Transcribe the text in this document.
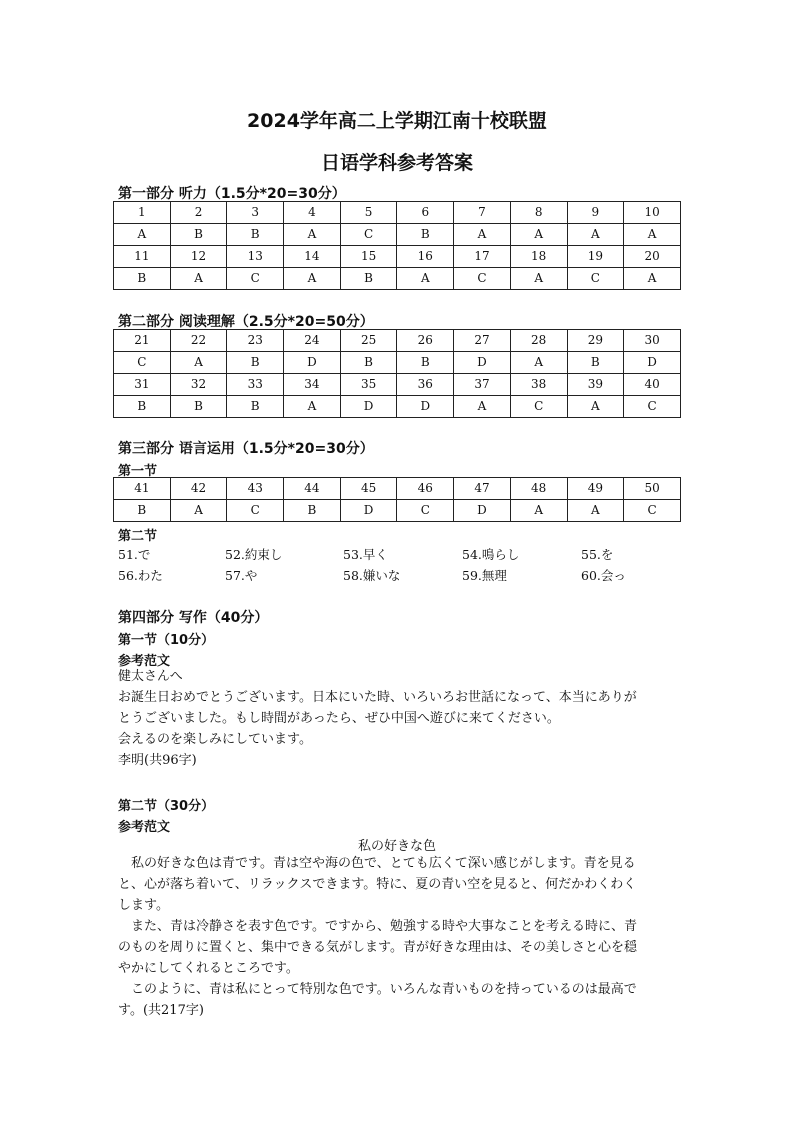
2024学年高二上学期江南十校联盟
日语学科参考答案
第一部分 听力（1.5分*20=30分）
1	2	3	4	5	6	7	8	9	10
A	B	B	A	C	B	A	A	A	A
11	12	13	14	15	16	17	18	19	20
B	A	C	A	B	A	C	A	C	A
第二部分 阅读理解（2.5分*20=50分）
21	22	23	24	25	26	27	28	29	30
C	A	B	D	B	B	D	A	B	D
31	32	33	34	35	36	37	38	39	40
B	B	B	A	D	D	A	C	A	C
第三部分 语言运用（1.5分*20=30分）
第一节
41	42	43	44	45	46	47	48	49	50
B	A	C	B	D	C	D	A	A	C
第二节
51.で	52.約束し	53.早く	54.鳴らし	55.を
56.わた	57.や	58.嫌いな	59.無理	60.会っ
第四部分 写作（40分）
第一节（10分）
参考范文

健太さんへ

お誕生日おめでとうございます。日本にいた時、いろいろお世話になって、本当にありが

とうございました。もし時間があったら、ぜひ中国へ遊びに来てください。

会えるのを楽しみにしています。

李明(共96字)

第二节（30分）
参考范文
私の好きな色

私の好きな色は青です。青は空や海の色で、とても広くて深い感じがします。青を見る

と、心が落ち着いて、リラックスできます。特に、夏の青い空を見ると、何だかわくわく

します。

また、青は冷静さを表す色です。ですから、勉強する時や大事なことを考える時に、青

のものを周りに置くと、集中できる気がします。青が好きな理由は、その美しさと心を穏

やかにしてくれるところです。

このように、青は私にとって特別な色です。いろんな青いものを持っているのは最高で

す。(共217字)
